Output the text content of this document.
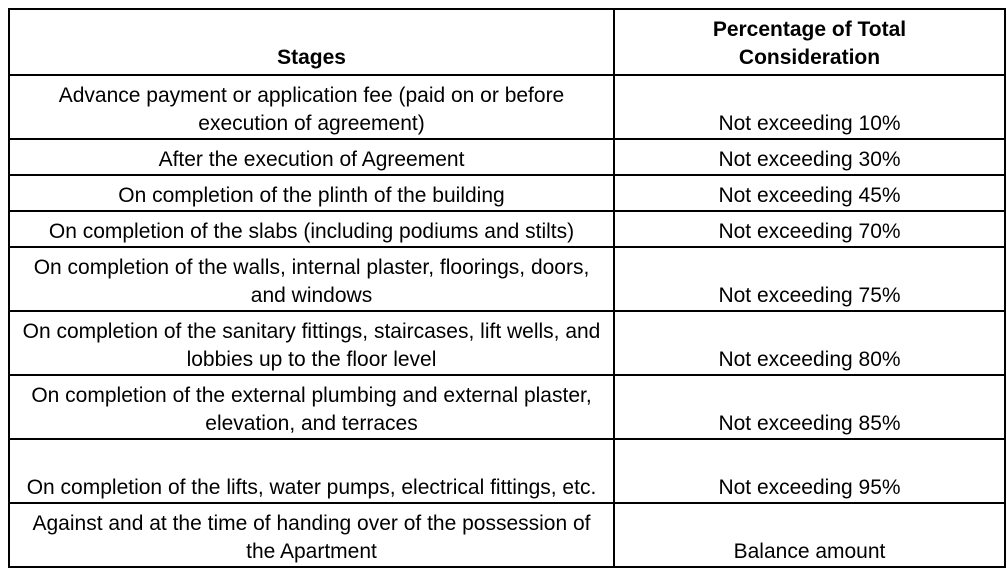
Stages	Percentage of Total Consideration
Advance payment or application fee (paid on or before execution of agreement)	Not exceeding 10%
After the execution of Agreement	Not exceeding 30%
On completion of the plinth of the building	Not exceeding 45%
On completion of the slabs (including podiums and stilts)	Not exceeding 70%
On completion of the walls, internal plaster, floorings, doors, and windows	Not exceeding 75%
On completion of the sanitary fittings, staircases, lift wells, and lobbies up to the floor level	Not exceeding 80%
On completion of the external plumbing and external plaster, elevation, and terraces	Not exceeding 85%
On completion of the lifts, water pumps, electrical fittings, etc.	Not exceeding 95%
Against and at the time of handing over of the possession of the Apartment	Balance amount
